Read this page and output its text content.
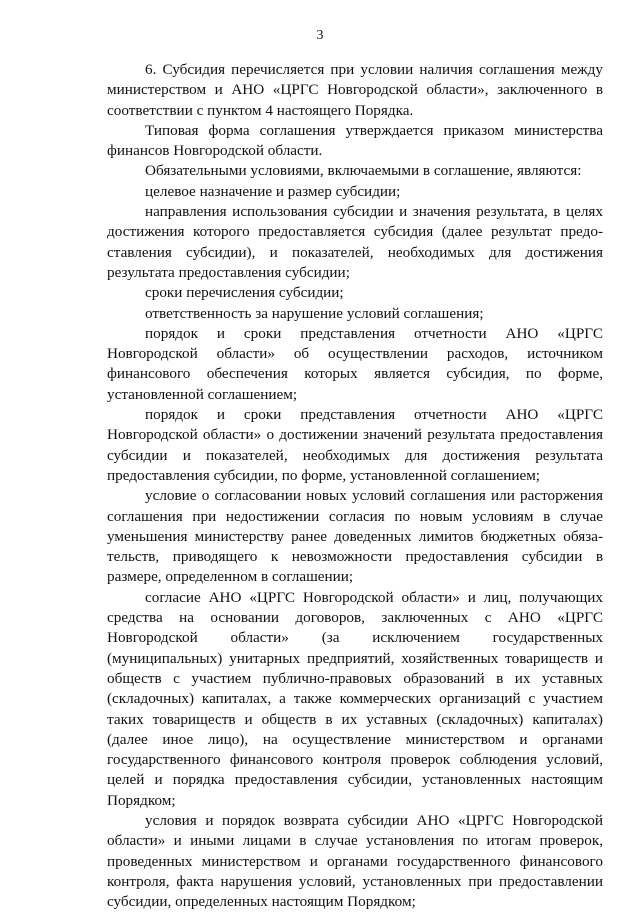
3

6. Субсидия перечисляется при условии наличия соглашения между министерством и АНО «ЦРГС Новгородской области», заключенного в соответствии с пунктом 4 настоящего Порядка.

Типовая форма соглашения утверждается приказом министерства финансов Новгородской области.

Обязательными условиями, включаемыми в соглашение, являются:

целевое назначение и размер субсидии;

направления использования субсидии и значения результата, в целях достижения которого предоставляется субсидия (далее результат предоставления субсидии), и показателей, необходимых для достижения результата предоставления субсидии;

сроки перечисления субсидии;

ответственность за нарушение условий соглашения;

порядок и сроки представления отчетности АНО «ЦРГС Новгородской области» об осуществлении расходов, источником финансового обеспечения которых является субсидия, по форме, установленной соглашением;

порядок и сроки представления отчетности АНО «ЦРГС Новгородской области» о достижении значений результата предоставления субсидии и показателей, необходимых для достижения результата предоставления субсидии, по форме, установленной соглашением;

условие о согласовании новых условий соглашения или расторжения соглашения при недостижении согласия по новым условиям в случае уменьшения министерству ранее доведенных лимитов бюджетных обязательств, приводящего к невозможности предоставления субсидии в размере, определенном в соглашении;

согласие АНО «ЦРГС Новгородской области» и лиц, получающих средства на основании договоров, заключенных с АНО «ЦРГС Новгородской области» (за исключением государственных (муниципальных) унитарных предприятий, хозяйственных товариществ и обществ с участием публично-правовых образований в их уставных (складочных) капиталах, а также коммерческих организаций с участием таких товариществ и обществ в их уставных (складочных) капиталах) (далее иное лицо), на осуществление министерством и органами государственного финансового контроля проверок соблюдения условий, целей и порядка предоставления субсидии, установленных настоящим Порядком;

условия и порядок возврата субсидии АНО «ЦРГС Новгородской области» и иными лицами в случае установления по итогам проверок, проведенных министерством и органами государственного финансового контроля, факта нарушения условий, установленных при предоставлении субсидии, определенных настоящим Порядком;
